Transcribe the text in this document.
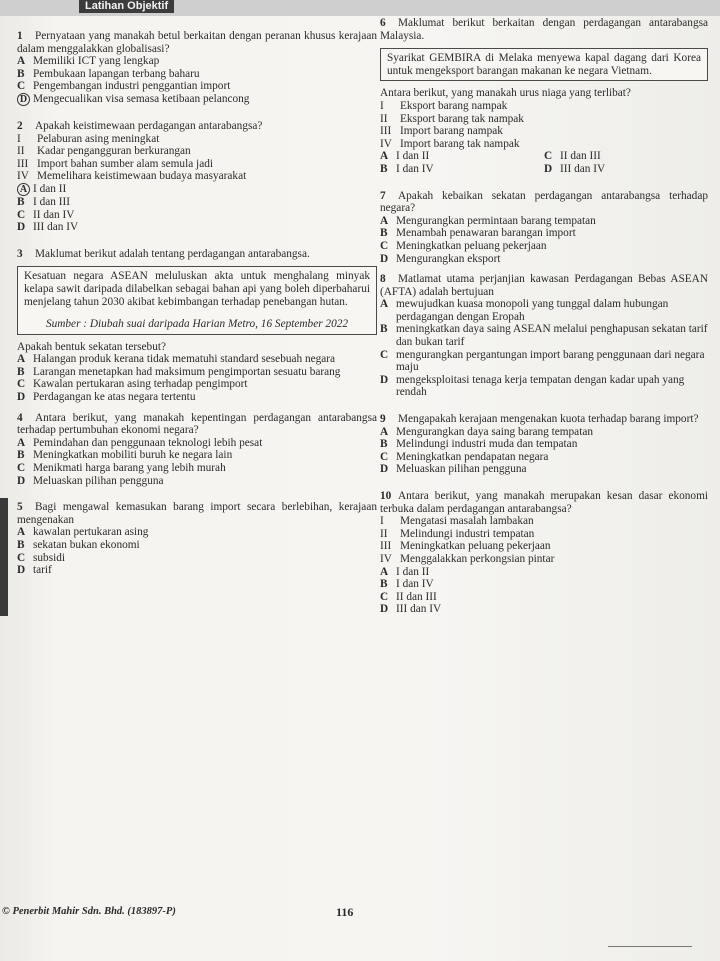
Latihan Objektif

1 Pernyataan yang manakah betul berkaitan dengan peranan khusus kerajaan dalam menggalakkan globalisasi?

A Memiliki ICT yang lengkap
B Pembukaan lapangan terbang baharu
C Pengembangan industri penggantian import
D Mengecualikan visa semasa ketibaan pelancong

2 Apakah keistimewaan perdagangan antarabangsa?

I	Pelaburan asing meningkat
II	Kadar pengangguran berkurangan
III Import bahan sumber alam semula jadi
IV Memelihara keistimewaan budaya masyarakat
A I dan II
B I dan III
C II dan IV
D III dan IV

3 Maklumat berikut adalah tentang perdagangan antarabangsa.

Kesatuan negara ASEAN meluluskan akta untuk menghalang minyak kelapa sawit daripada dilabelkan sebagai bahan api yang boleh diperbaharui menjelang tahun 2030 akibat kebimbangan terhadap penebangan hutan.

Sumber : Diubah suai daripada Harian Metro, 16 September 2022

Apakah bentuk sekatan tersebut?

A Halangan produk kerana tidak mematuhi standard sesebuah negara
B Larangan menetapkan had maksimum pengimportan sesuatu barang
C Kawalan pertukaran asing terhadap pengimport
D Perdagangan ke atas negara tertentu

4 Antara berikut, yang manakah kepentingan perdagangan antarabangsa terhadap pertumbuhan ekonomi negara?

A Pemindahan dan penggunaan teknologi lebih pesat
B Meningkatkan mobiliti buruh ke negara lain
C Menikmati harga barang yang lebih murah
D Meluaskan pilihan pengguna

5 Bagi mengawal kemasukan barang import secara berlebihan, kerajaan mengenakan

A kawalan pertukaran asing
B sekatan bukan ekonomi
C subsidi
D tarif

6 Maklumat berikut berkaitan dengan perdagangan antarabangsa Malaysia.

Syarikat GEMBIRA di Melaka menyewa kapal dagang dari Korea untuk mengeksport barangan makanan ke negara Vietnam.

Antara berikut, yang manakah urus niaga yang terlibat?

I	Eksport barang nampak
II	Eksport barang tak nampak
III Import barang nampak
IV Import barang tak nampak
A I dan II	C II dan III
B I dan IV	D III dan IV

7 Apakah kebaikan sekatan perdagangan antarabangsa terhadap negara?

A Mengurangkan permintaan barang tempatan
B Menambah penawaran barangan import
C Meningkatkan peluang pekerjaan
D Mengurangkan eksport

8 Matlamat utama perjanjian kawasan Perdagangan Bebas ASEAN (AFTA) adalah bertujuan

A mewujudkan kuasa monopoli yang tunggal dalam hubungan perdagangan dengan Eropah
B meningkatkan daya saing ASEAN melalui penghapusan sekatan tarif dan bukan tarif
C mengurangkan pergantungan import barang penggunaan dari negara maju
D mengeksploitasi tenaga kerja tempatan dengan kadar upah yang rendah

9 Mengapakah kerajaan mengenakan kuota terhadap barang import?

A Mengurangkan daya saing barang tempatan
B Melindungi industri muda dan tempatan
C Meningkatkan pendapatan negara
D Meluaskan pilihan pengguna

10 Antara berikut, yang manakah merupakan kesan dasar ekonomi terbuka dalam perdagangan antarabangsa?

I	Mengatasi masalah lambakan
II	Melindungi industri tempatan
III Meningkatkan peluang pekerjaan
IV Menggalakkan perkongsian pintar
A I dan II
B I dan IV
C II dan III
D III dan IV
© Penerbit Mahir Sdn. Bhd. (183897-P)	116
